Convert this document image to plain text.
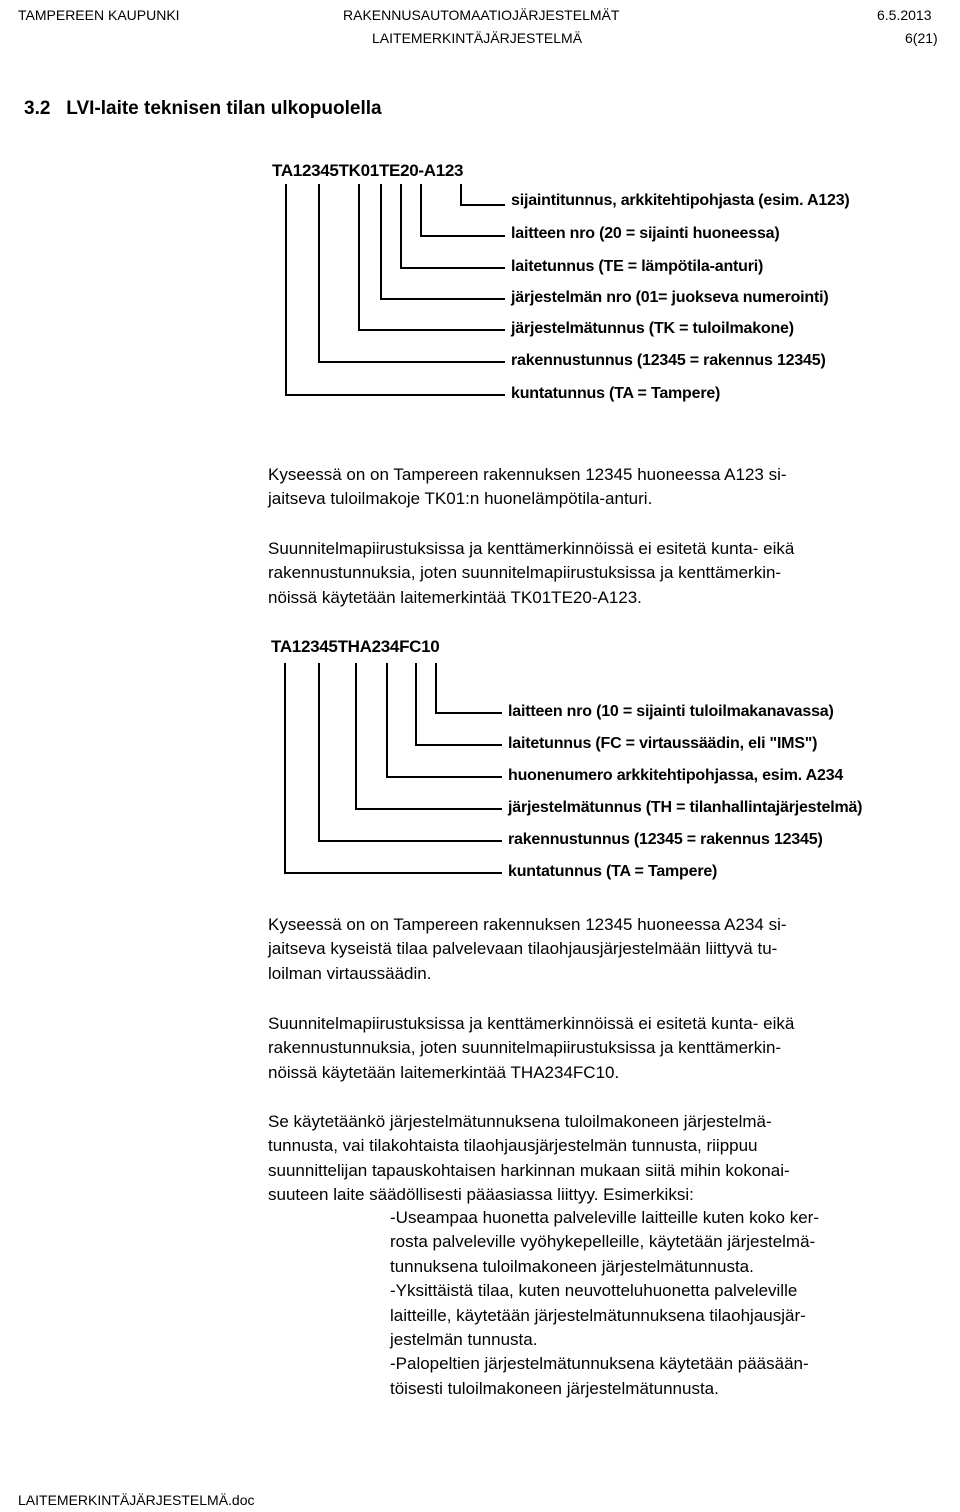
TAMPEREEN KAUPUNKI	RAKENNUSAUTOMAATIOJÄRJESTELMÄT	6.5.2013
LAITEMERKINTÄJÄRJESTELMÄ	6(21)
3.2   LVI-laite teknisen tilan ulkopuolella
TA12345TK01TE20-A123
sijaintitunnus, arkkitehtipohjasta (esim. A123)
laitteen nro (20 = sijainti huoneessa)
laitetunnus (TE = lämpötila-anturi)
järjestelmän nro (01= juokseva numerointi)
järjestelmätunnus (TK = tuloilmakone)
rakennustunnus (12345 = rakennus 12345)
kuntatunnus (TA = Tampere)
Kyseessä on on Tampereen rakennuksen 12345 huoneessa A123 si-
jaitseva tuloilmakoje TK01:n huonelämpötila-anturi.
Suunnitelmapiirustuksissa ja kenttämerkinnöissä ei esitetä kunta- eikä
rakennustunnuksia, joten suunnitelmapiirustuksissa ja kenttämerkin-
nöissä käytetään laitemerkintää TK01TE20-A123.
TA12345THA234FC10
laitteen nro (10 = sijainti tuloilmakanavassa)
laitetunnus (FC = virtaussäädin, eli "IMS")
huonenumero arkkitehtipohjassa, esim. A234
järjestelmätunnus (TH = tilanhallintajärjestelmä)
rakennustunnus (12345 = rakennus 12345)
kuntatunnus (TA = Tampere)
Kyseessä on on Tampereen rakennuksen 12345 huoneessa A234 si-
jaitseva kyseistä tilaa palvelevaan tilaohjausjärjestelmään liittyvä tu-
loilman virtaussäädin.
Suunnitelmapiirustuksissa ja kenttämerkinnöissä ei esitetä kunta- eikä
rakennustunnuksia, joten suunnitelmapiirustuksissa ja kenttämerkin-
nöissä käytetään laitemerkintää THA234FC10.
Se käytetäänkö järjestelmätunnuksena tuloilmakoneen järjestelmä-
tunnusta, vai tilakohtaista tilaohjausjärjestelmän tunnusta, riippuu
suunnittelijan tapauskohtaisen harkinnan mukaan siitä mihin kokonai-
suuteen laite säädöllisesti pääasiassa liittyy. Esimerkiksi:
-Useampaa huonetta palveleville laitteille kuten koko ker-
rosta palveleville vyöhykepelleille, käytetään järjestelmä-
tunnuksena tuloilmakoneen järjestelmätunnusta.
-Yksittäistä tilaa, kuten neuvotteluhuonetta palveleville
laitteille, käytetään järjestelmätunnuksena tilaohjausjär-
jestelmän tunnusta.
-Palopeltien järjestelmätunnuksena käytetään pääsään-
töisesti tuloilmakoneen järjestelmätunnusta.
LAITEMERKINTÄJÄRJESTELMÄ.doc
